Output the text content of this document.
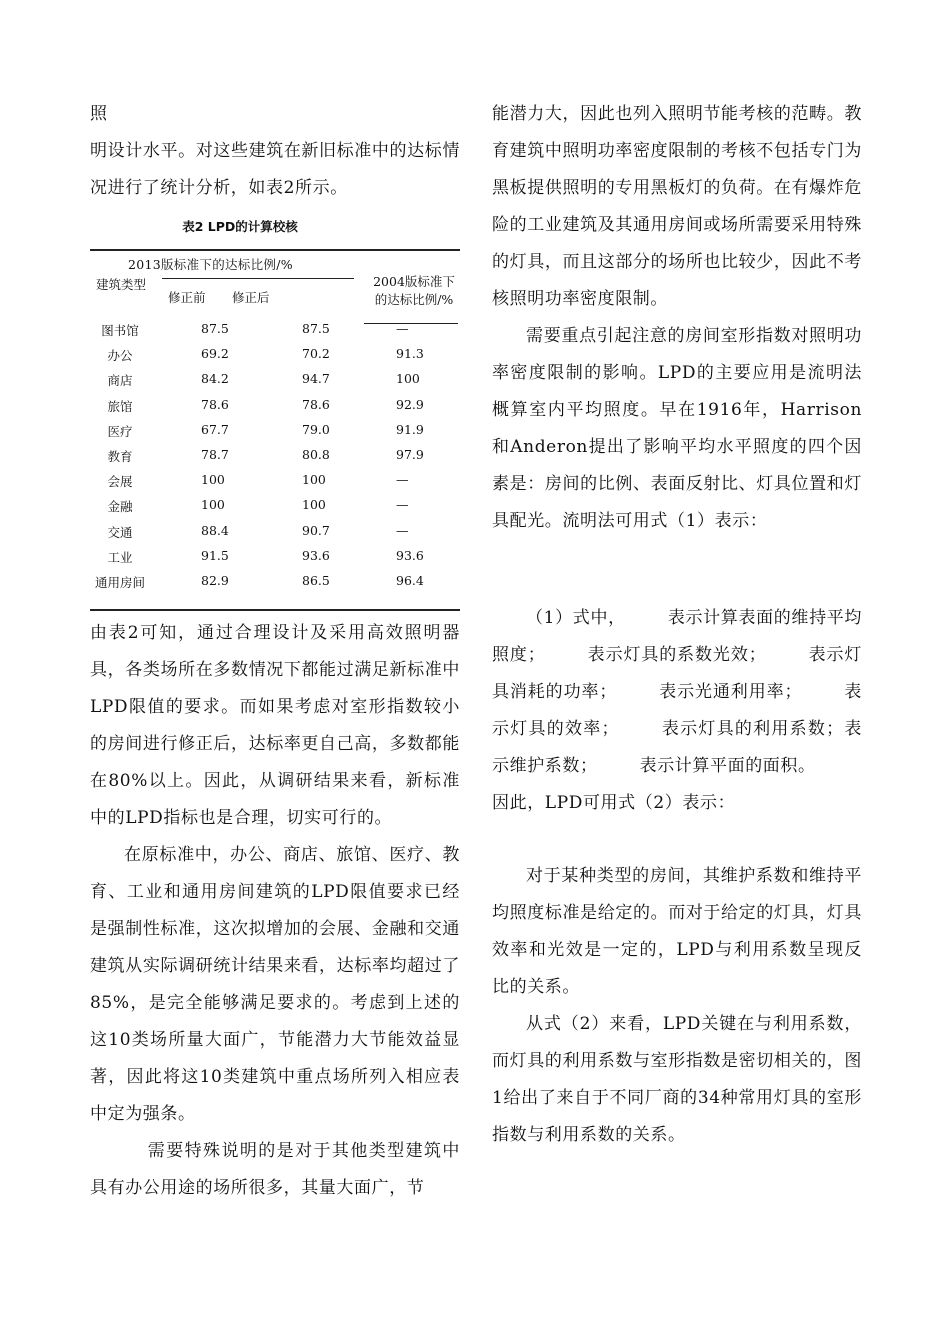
照

明设计水平。对这些建筑在新旧标准中的达标情况进行了统计分析，如表2所示。

表2 LPD的计算校核
2013版标准下的达标比例/%
建筑类型
修正前 修正后
2004版标准下
的达标比例/%
图书馆	87.5	87.5	—
办公	69.2	70.2	91.3
商店	84.2	94.7	100
旅馆	78.6	78.6	92.9
医疗	67.7	79.0	91.9
教育	78.7	80.8	97.9
会展	100	100	—
金融	100	100	—
交通	88.4	90.7	—
工业	91.5	93.6	93.6
通用房间	82.9	86.5	96.4

由表2可知，通过合理设计及采用高效照明器具，各类场所在多数情况下都能过满足新标准中LPD限值的要求。而如果考虑对室形指数较小的房间进行修正后，达标率更自己高，多数都能在80%以上。因此，从调研结果来看，新标准中的LPD指标也是合理，切实可行的。

在原标准中，办公、商店、旅馆、医疗、教育、工业和通用房间建筑的LPD限值要求已经是强制性标准，这次拟增加的会展、金融和交通建筑从实际调研统计结果来看，达标率均超过了85%，是完全能够满足要求的。考虑到上述的这10类场所量大面广，节能潜力大节能效益显著，因此将这10类建筑中重点场所列入相应表中定为强条。

需要特殊说明的是对于其他类型建筑中具有办公用途的场所很多，其量大面广，节

能潜力大，因此也列入照明节能考核的范畴。教育建筑中照明功率密度限制的考核不包括专门为黑板提供照明的专用黑板灯的负荷。在有爆炸危险的工业建筑及其通用房间或场所需要采用特殊的灯具，而且这部分的场所也比较少，因此不考核照明功率密度限制。

需要重点引起注意的房间室形指数对照明功率密度限制的影响。LPD的主要应用是流明法概算室内平均照度。早在1916年，Harrison和Anderon提出了影响平均水平照度的四个因素是：房间的比例、表面反射比、灯具位置和灯具配光。流明法可用式（1）表示：

（1）式中， 表示计算表面的维持平均照度； 表示灯具的系数光效； 表示灯具消耗的功率； 表示光通利用率； 表示灯具的效率； 表示灯具的利用系数；表示维护系数； 表示计算平面的面积。

因此，LPD可用式（2）表示：

对于某种类型的房间，其维护系数和维持平均照度标准是给定的。而对于给定的灯具，灯具效率和光效是一定的，LPD与利用系数呈现反比的关系。

从式（2）来看，LPD关键在与利用系数，而灯具的利用系数与室形指数是密切相关的，图1给出了来自于不同厂商的34种常用灯具的室形指数与利用系数的关系。
